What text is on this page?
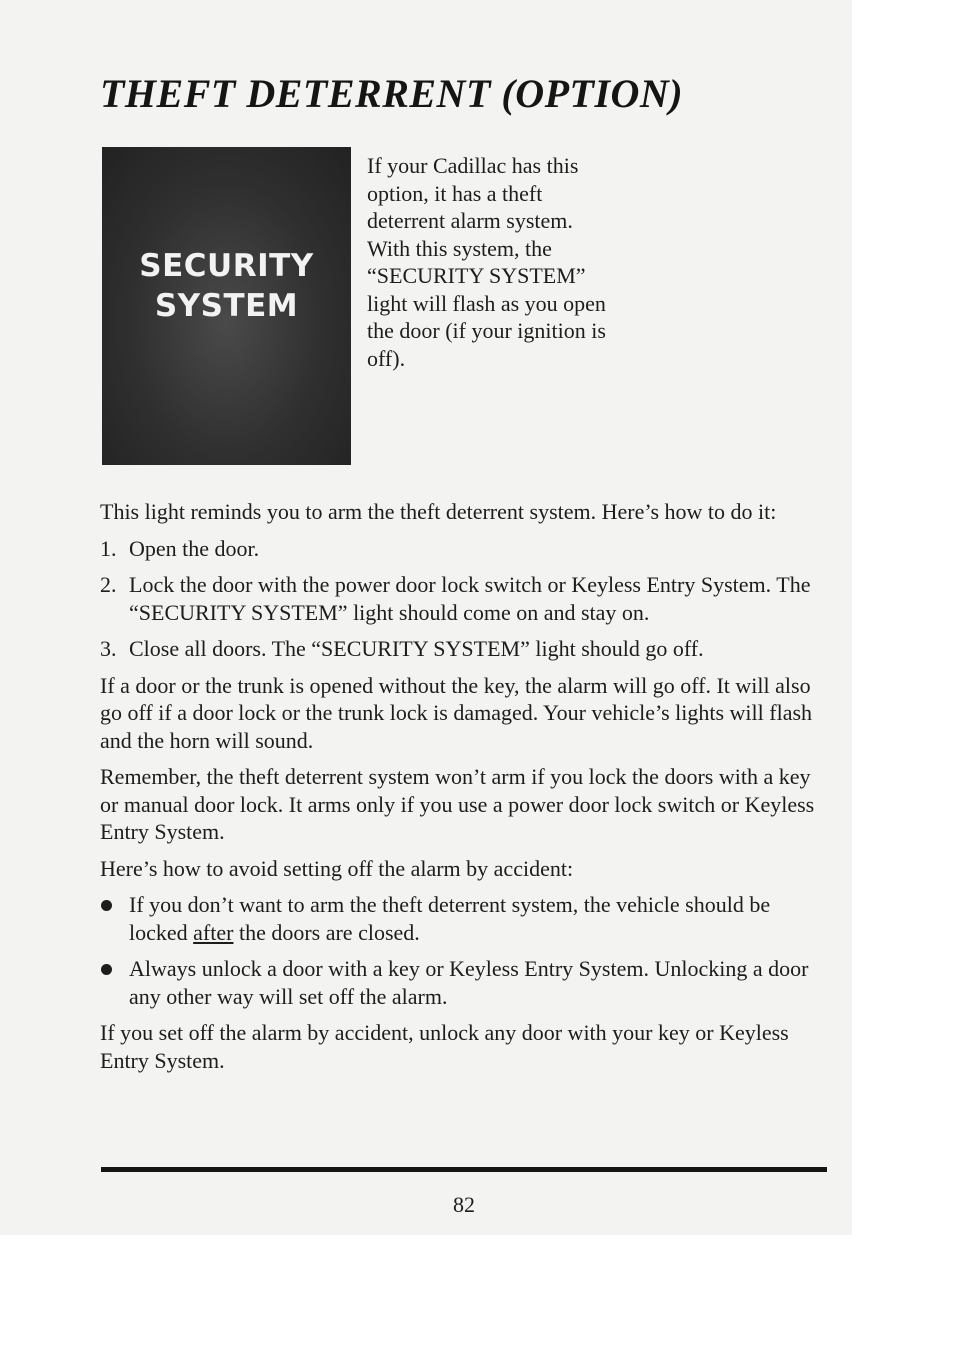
THEFT DETERRENT (OPTION)
SECURITY
SYSTEM
If your Cadillac has this option, it has a theft deterrent alarm system. With this system, the “SECURITY SYSTEM” light will flash as you open the door (if your ignition is off).

This light reminds you to arm the theft deterrent system. Here’s how to do it:

1. Open the door.
2. Lock the door with the power door lock switch or Keyless Entry System. The “SECURITY SYSTEM” light should come on and stay on.
3. Close all doors. The “SECURITY SYSTEM” light should go off.

If a door or the trunk is opened without the key, the alarm will go off. It will also go off if a door lock or the trunk lock is damaged. Your vehicle’s lights will flash and the horn will sound.

Remember, the theft deterrent system won’t arm if you lock the doors with a key or manual door lock. It arms only if you use a power door lock switch or Keyless Entry System.

Here’s how to avoid setting off the alarm by accident:

If you don’t want to arm the theft deterrent system, the vehicle should be locked after the doors are closed.
Always unlock a door with a key or Keyless Entry System. Unlocking a door any other way will set off the alarm.

If you set off the alarm by accident, unlock any door with your key or Keyless Entry System.

82
